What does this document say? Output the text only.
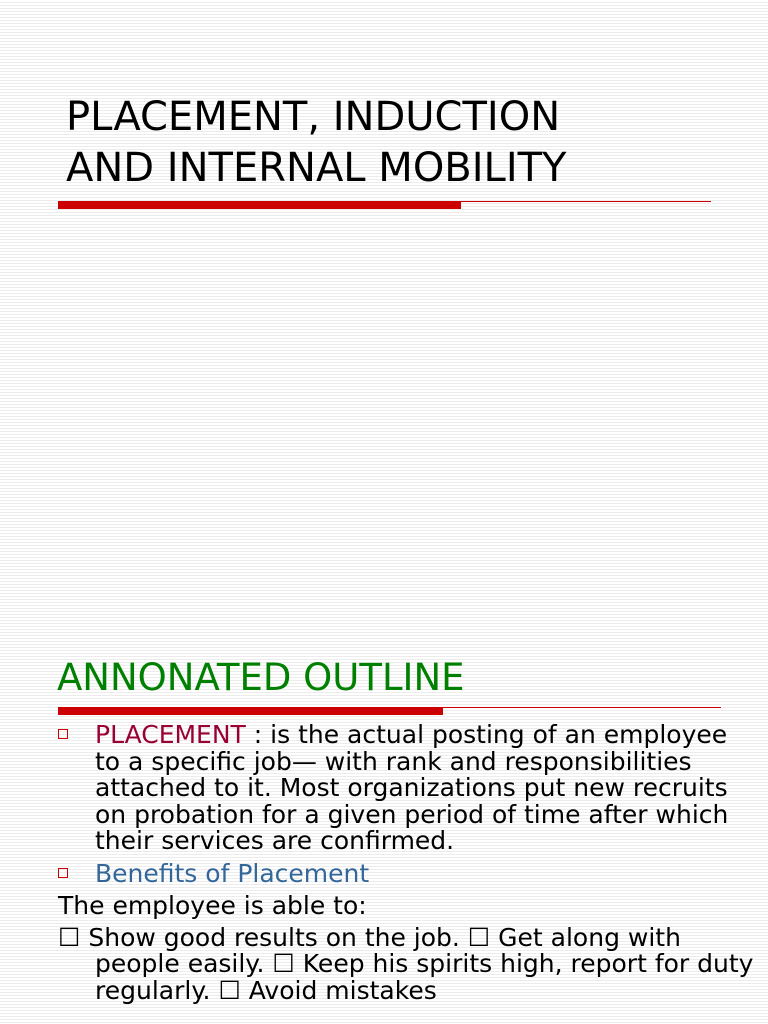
PLACEMENT, INDUCTION
AND INTERNAL MOBILITY
ANNONATED OUTLINE

PLACEMENT : is the actual posting of an employee to a specific job— with rank and responsibilities attached to it. Most organizations put new recruits on probation for a given period of time after which their services are confirmed.

Benefits of Placement

The employee is able to:

☐ Show good results on the job. ☐ Get along with people easily. ☐ Keep his spirits high, report for duty regularly. ☐ Avoid mistakes
